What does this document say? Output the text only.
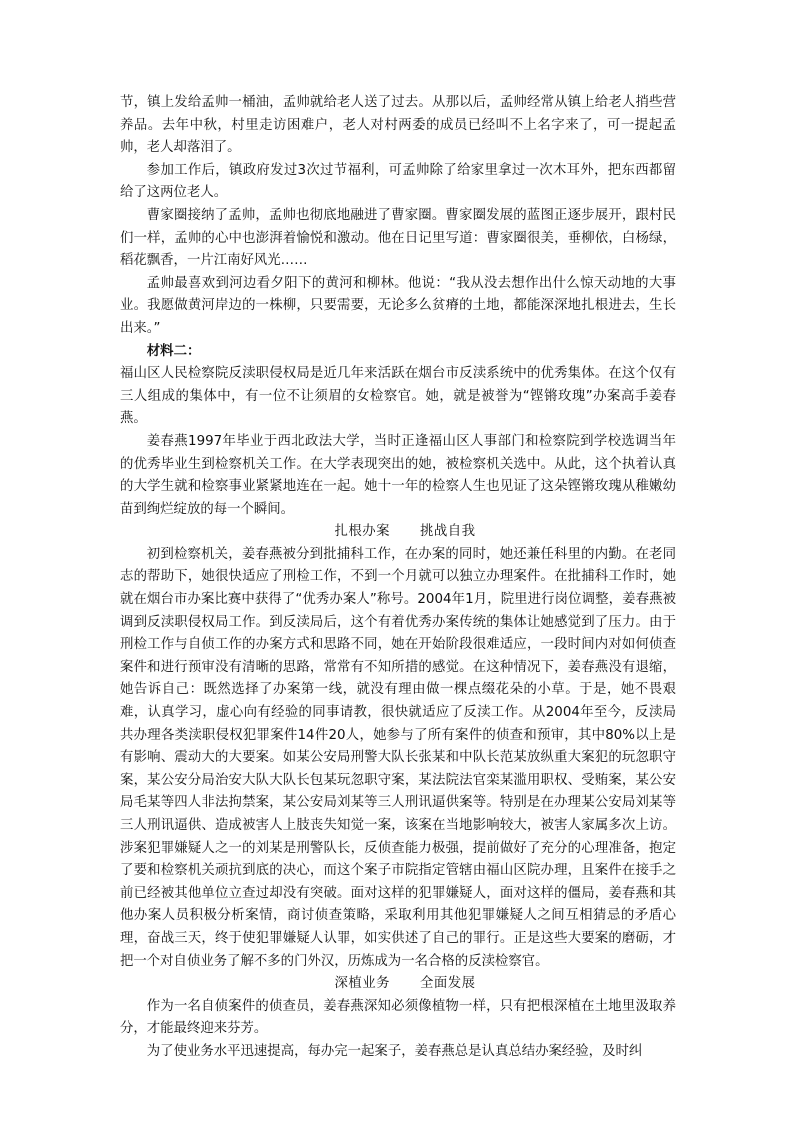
节，镇上发给孟帅一桶油，孟帅就给老人送了过去。从那以后，孟帅经常从镇上给老人捎些营养品。去年中秋，村里走访困难户，老人对村两委的成员已经叫不上名字来了，可一提起孟帅，老人却落泪了。

参加工作后，镇政府发过3次过节福利，可孟帅除了给家里拿过一次木耳外，把东西都留给了这两位老人。

曹家圈接纳了孟帅，孟帅也彻底地融进了曹家圈。曹家圈发展的蓝图正逐步展开，跟村民们一样，孟帅的心中也澎湃着愉悦和激动。他在日记里写道：曹家圈很美，垂柳依，白杨绿，稻花飘香，一片江南好风光……

孟帅最喜欢到河边看夕阳下的黄河和柳林。他说：“我从没去想作出什么惊天动地的大事业。我愿做黄河岸边的一株柳，只要需要，无论多么贫瘠的土地，都能深深地扎根进去，生长出来。”

材料二：

福山区人民检察院反渎职侵权局是近几年来活跃在烟台市反渎系统中的优秀集体。在这个仅有三人组成的集体中，有一位不让须眉的女检察官。她，就是被誉为“铿锵玫瑰”办案高手姜春燕。

姜春燕1997年毕业于西北政法大学，当时正逢福山区人事部门和检察院到学校选调当年的优秀毕业生到检察机关工作。在大学表现突出的她，被检察机关选中。从此，这个执着认真的大学生就和检察事业紧紧地连在一起。她十一年的检察人生也见证了这朵铿锵玫瑰从稚嫩幼苗到绚烂绽放的每一个瞬间。

扎根办案 挑战自我

初到检察机关，姜春燕被分到批捕科工作，在办案的同时，她还兼任科里的内勤。在老同志的帮助下，她很快适应了刑检工作，不到一个月就可以独立办理案件。在批捕科工作时，她就在烟台市办案比赛中获得了“优秀办案人”称号。2004年1月，院里进行岗位调整，姜春燕被调到反渎职侵权局工作。到反渎局后，这个有着优秀办案传统的集体让她感觉到了压力。由于刑检工作与自侦工作的办案方式和思路不同，她在开始阶段很难适应，一段时间内对如何侦查案件和进行预审没有清晰的思路，常常有不知所措的感觉。在这种情况下，姜春燕没有退缩，她告诉自己：既然选择了办案第一线，就没有理由做一棵点缀花朵的小草。于是，她不畏艰难，认真学习，虚心向有经验的同事请教，很快就适应了反渎工作。从2004年至今，反渎局共办理各类渎职侵权犯罪案件14件20人，她参与了所有案件的侦查和预审，其中80%以上是有影响、震动大的大要案。如某公安局刑警大队长张某和中队长范某放纵重大案犯的玩忽职守案，某公安分局治安大队大队长包某玩忽职守案，某法院法官栾某滥用职权、受贿案，某公安局毛某等四人非法拘禁案，某公安局刘某等三人刑讯逼供案等。特别是在办理某公安局刘某等三人刑讯逼供、造成被害人上肢丧失知觉一案，该案在当地影响较大，被害人家属多次上访。涉案犯罪嫌疑人之一的刘某是刑警队长，反侦查能力极强，提前做好了充分的心理准备，抱定了要和检察机关顽抗到底的决心，而这个案子市院指定管辖由福山区院办理，且案件在接手之前已经被其他单位立查过却没有突破。面对这样的犯罪嫌疑人，面对这样的僵局，姜春燕和其他办案人员积极分析案情，商讨侦查策略，采取利用其他犯罪嫌疑人之间互相猜忌的矛盾心理，奋战三天，终于使犯罪嫌疑人认罪，如实供述了自己的罪行。正是这些大要案的磨砺，才把一个对自侦业务了解不多的门外汉，历炼成为一名合格的反渎检察官。

深植业务 全面发展

作为一名自侦案件的侦查员，姜春燕深知必须像植物一样，只有把根深植在土地里汲取养分，才能最终迎来芬芳。

为了使业务水平迅速提高，每办完一起案子，姜春燕总是认真总结办案经验，及时纠
